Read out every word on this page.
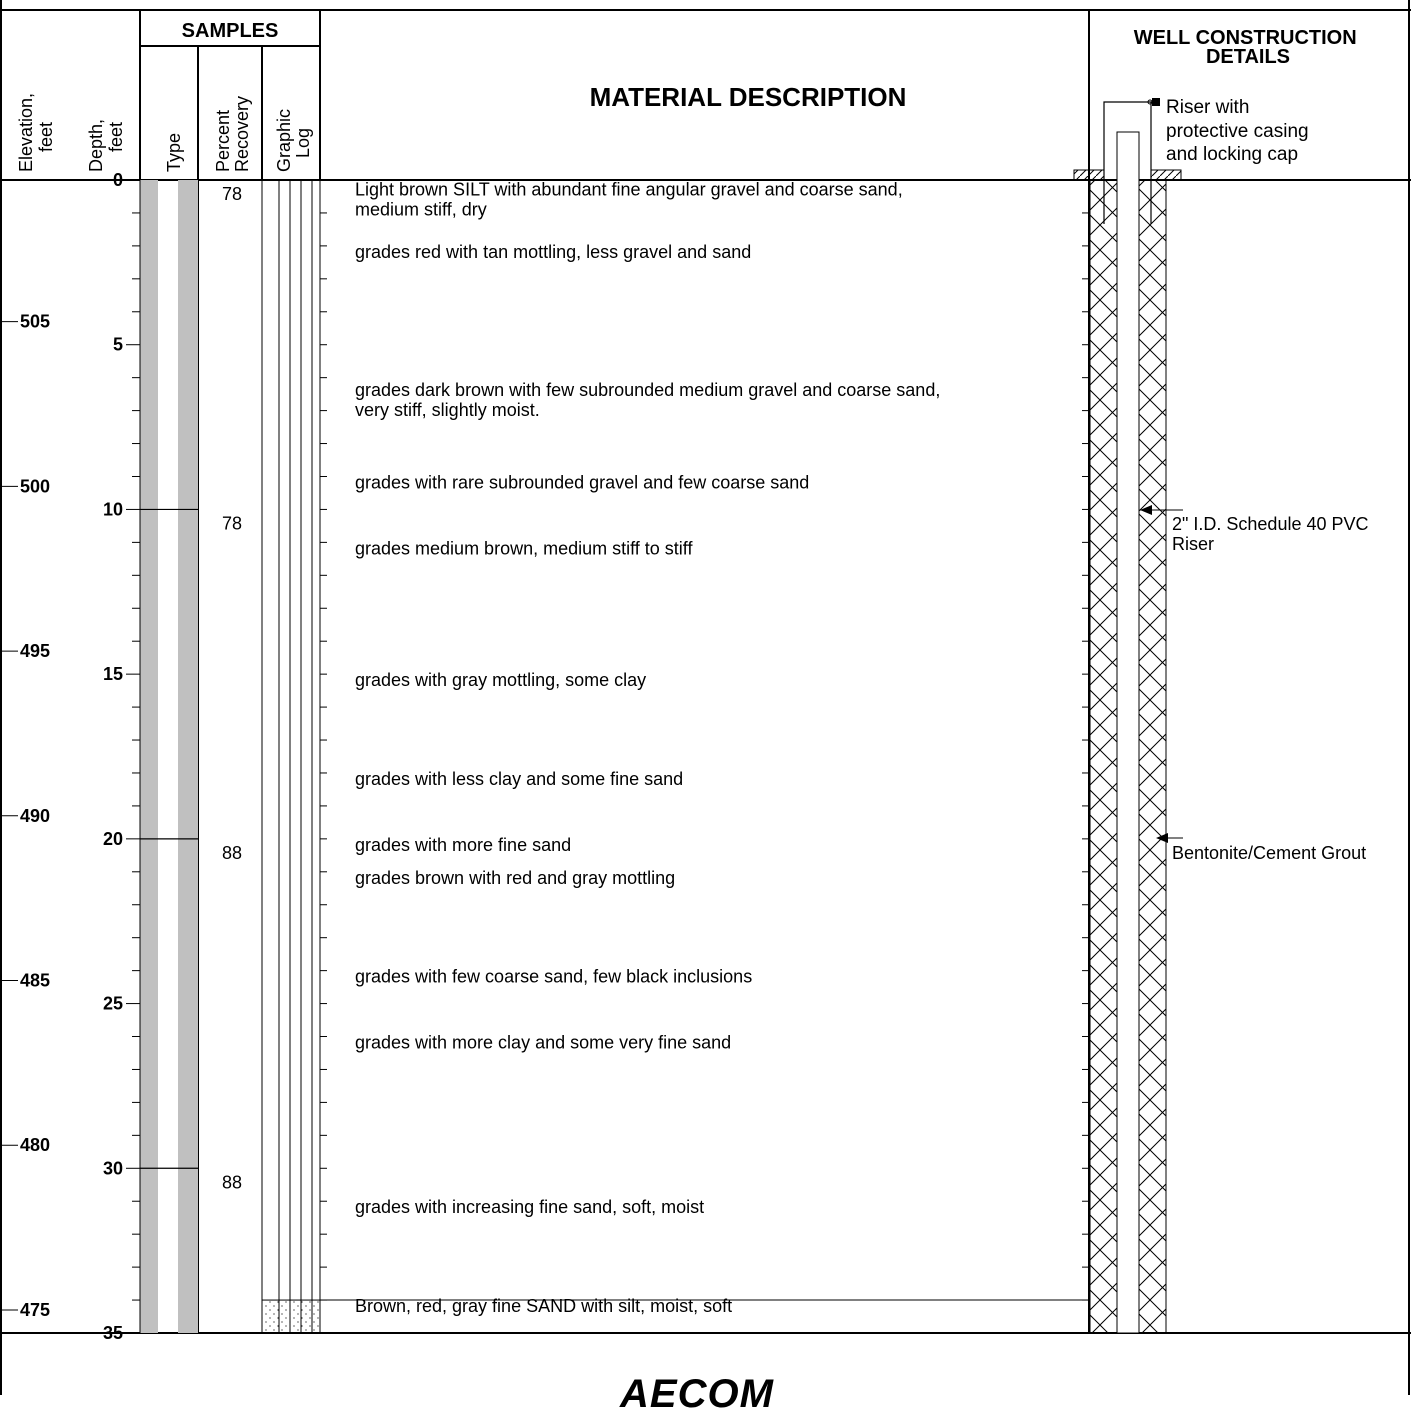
Elevation, feet Depth, feet
SAMPLES
Type Percent Recovery Graphic Log
MATERIAL DESCRIPTION
WELL CONSTRUCTION DETAILS
0
5
10
15
20
25
30
35
505
500
495
490
485
480
475
78
78
88
88
Light brown SILT with abundant fine angular gravel and coarse sand,
medium stiff, dry
grades red with tan mottling, less gravel and sand
grades dark brown with few subrounded medium gravel and coarse sand,
very stiff, slightly moist.
grades with rare subrounded gravel and few coarse sand
grades medium brown, medium stiff to stiff
grades with gray mottling, some clay
grades with less clay and some fine sand
grades with more fine sand
grades brown with red and gray mottling
grades with few coarse sand, few black inclusions
grades with more clay and some very fine sand
grades with increasing fine sand, soft, moist
Brown, red, gray fine SAND with silt, moist, soft
Riser with protective casing and locking cap
2" I.D. Schedule 40 PVC Riser
Bentonite/Cement Grout
AECOM
